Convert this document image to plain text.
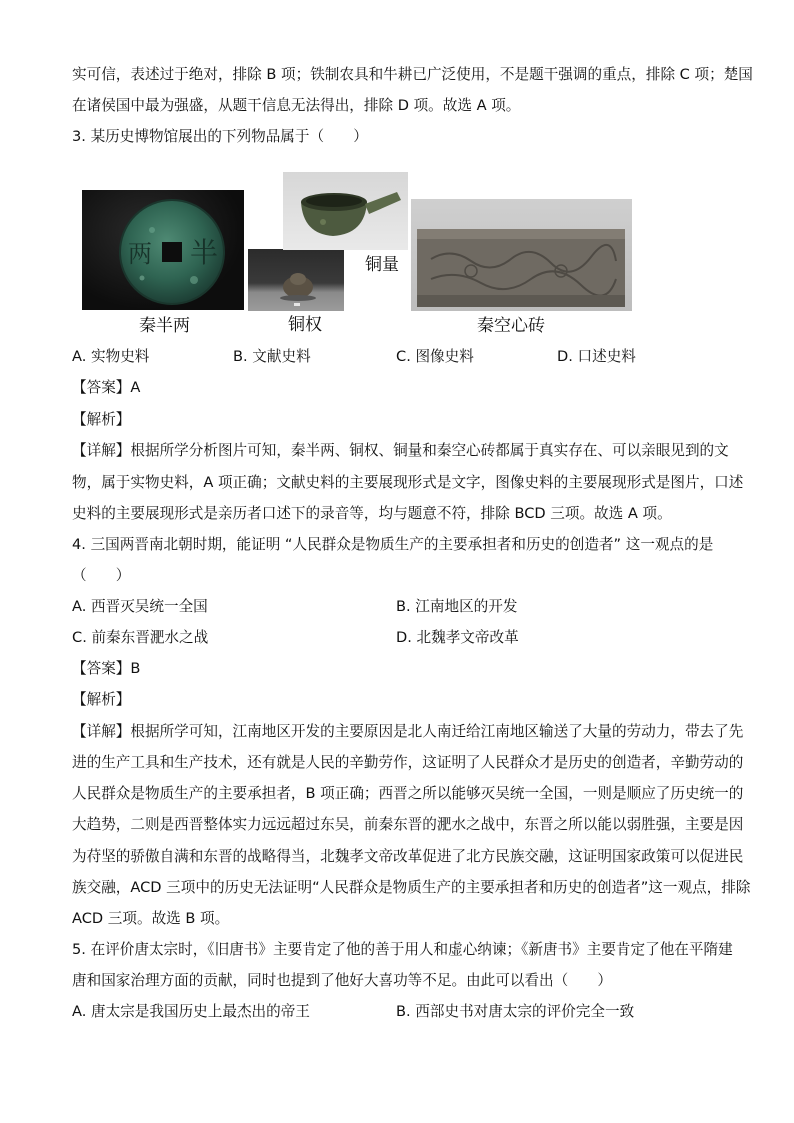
实可信，表述过于绝对，排除 B 项；铁制农具和牛耕已广泛使用，不是题干强调的重点，排除 C 项；楚国
在诸侯国中最为强盛，从题干信息无法得出，排除 D 项。故选 A 项。
3. 某历史博物馆展出的下列物品属于（　　）
半
两
秦半两	铜权
铜量
秦空心砖
A. 实物史料	B. 文献史料	C. 图像史料	D. 口述史料
【答案】A
【解析】
【详解】根据所学分析图片可知，秦半两、铜权、铜量和秦空心砖都属于真实存在、可以亲眼见到的文
物，属于实物史料，A 项正确；文献史料的主要展现形式是文字，图像史料的主要展现形式是图片，口述
史料的主要展现形式是亲历者口述下的录音等，均与题意不符，排除 BCD 三项。故选 A 项。
4. 三国两晋南北朝时期，能证明 “人民群众是物质生产的主要承担者和历史的创造者” 这一观点的是
（　　）
A. 西晋灭吴统一全国	B. 江南地区的开发
C. 前秦东晋淝水之战	D. 北魏孝文帝改革
【答案】B
【解析】
【详解】根据所学可知，江南地区开发的主要原因是北人南迁给江南地区输送了大量的劳动力，带去了先
进的生产工具和生产技术，还有就是人民的辛勤劳作，这证明了人民群众才是历史的创造者，辛勤劳动的
人民群众是物质生产的主要承担者，B 项正确；西晋之所以能够灭吴统一全国，一则是顺应了历史统一的
大趋势，二则是西晋整体实力远远超过东吴，前秦东晋的淝水之战中，东晋之所以能以弱胜强，主要是因
为苻坚的骄傲自满和东晋的战略得当，北魏孝文帝改革促进了北方民族交融，这证明国家政策可以促进民
族交融，ACD 三项中的历史无法证明“人民群众是物质生产的主要承担者和历史的创造者”这一观点，排除
ACD 三项。故选 B 项。
5. 在评价唐太宗时，《旧唐书》主要肯定了他的善于用人和虚心纳谏；《新唐书》主要肯定了他在平隋建
唐和国家治理方面的贡献，同时也提到了他好大喜功等不足。由此可以看出（　　）
A. 唐太宗是我国历史上最杰出的帝王	B. 西部史书对唐太宗的评价完全一致
